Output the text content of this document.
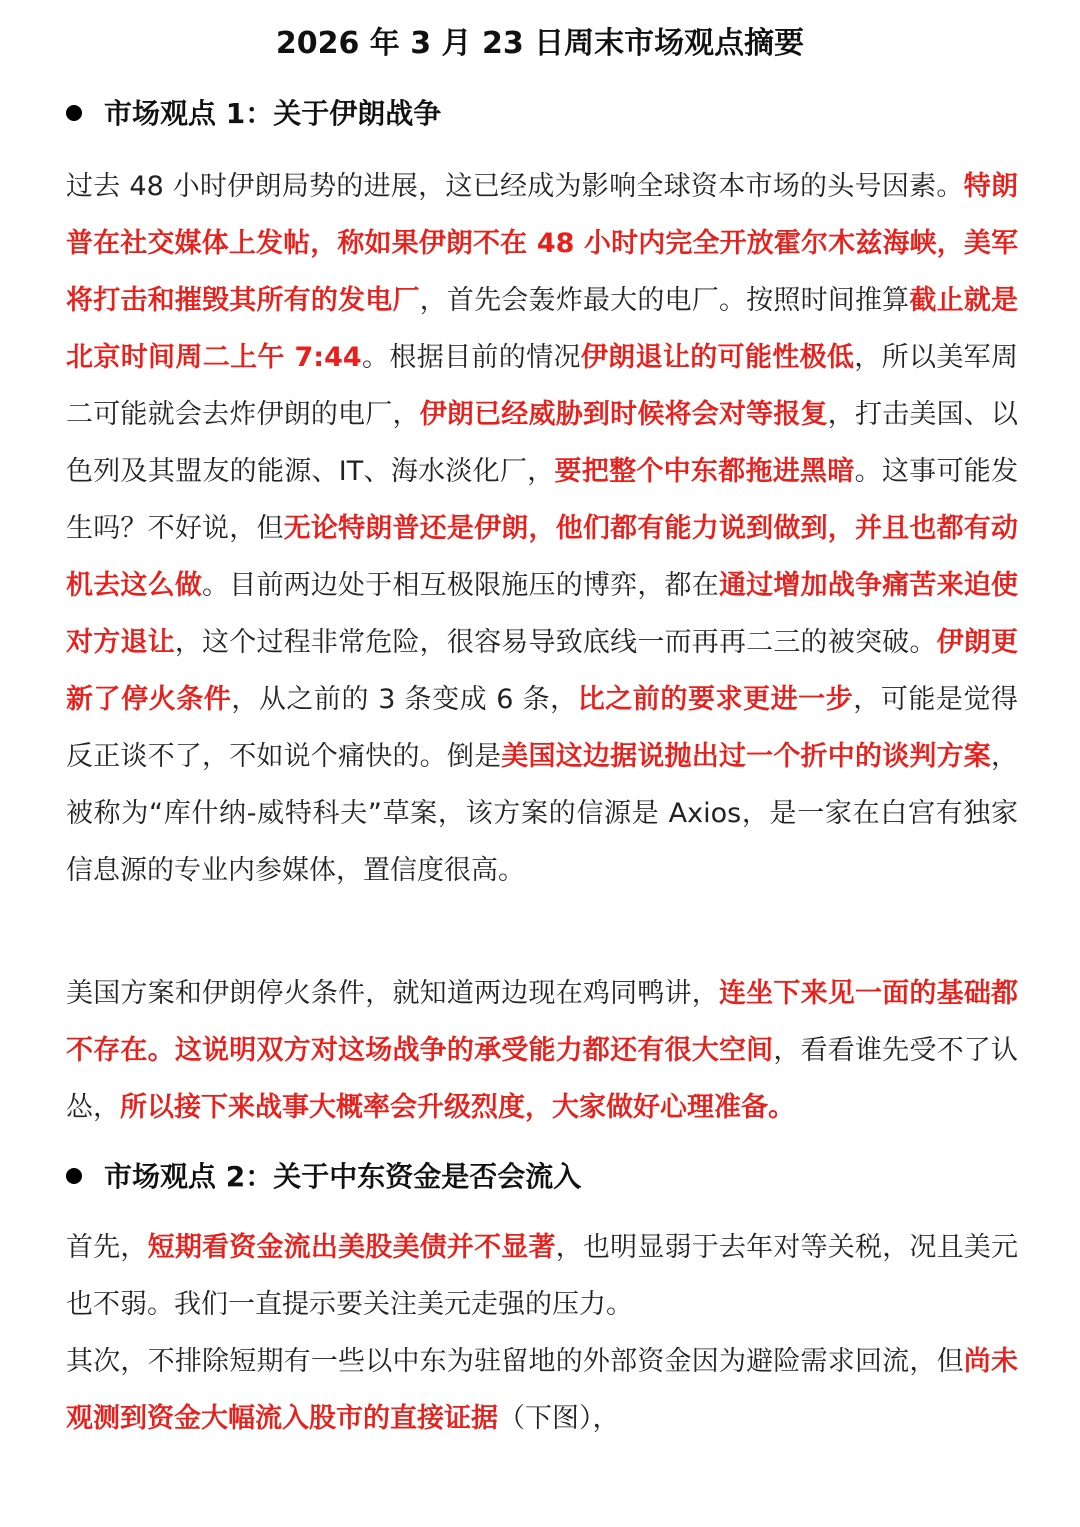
2026 年 3 月 23 日周末市场观点摘要
市场观点 1：关于伊朗战争

过去 48 小时伊朗局势的进展，这已经成为影响全球资本市场的头号因素。特朗普在社交媒体上发帖，称如果伊朗不在 48 小时内完全开放霍尔木兹海峡，美军将打击和摧毁其所有的发电厂，首先会轰炸最大的电厂。按照时间推算截止就是北京时间周二上午 7:44。根据目前的情况伊朗退让的可能性极低，所以美军周二可能就会去炸伊朗的电厂，伊朗已经威胁到时候将会对等报复，打击美国、以色列及其盟友的能源、IT、海水淡化厂，要把整个中东都拖进黑暗。这事可能发生吗？不好说，但无论特朗普还是伊朗，他们都有能力说到做到，并且也都有动机去这么做。目前两边处于相互极限施压的博弈，都在通过增加战争痛苦来迫使对方退让，这个过程非常危险，很容易导致底线一而再再二三的被突破。伊朗更新了停火条件，从之前的 3 条变成 6 条，比之前的要求更进一步，可能是觉得反正谈不了，不如说个痛快的。倒是美国这边据说抛出过一个折中的谈判方案，被称为“库什纳-威特科夫”草案，该方案的信源是 Axios，是一家在白宫有独家信息源的专业内参媒体，置信度很高。

美国方案和伊朗停火条件，就知道两边现在鸡同鸭讲，连坐下来见一面的基础都不存在。这说明双方对这场战争的承受能力都还有很大空间，看看谁先受不了认怂，所以接下来战事大概率会升级烈度，大家做好心理准备。

市场观点 2：关于中东资金是否会流入

首先，短期看资金流出美股美债并不显著，也明显弱于去年对等关税，况且美元也不弱。我们一直提示要关注美元走强的压力。

其次，不排除短期有一些以中东为驻留地的外部资金因为避险需求回流，但尚未观测到资金大幅流入股市的直接证据（下图），
